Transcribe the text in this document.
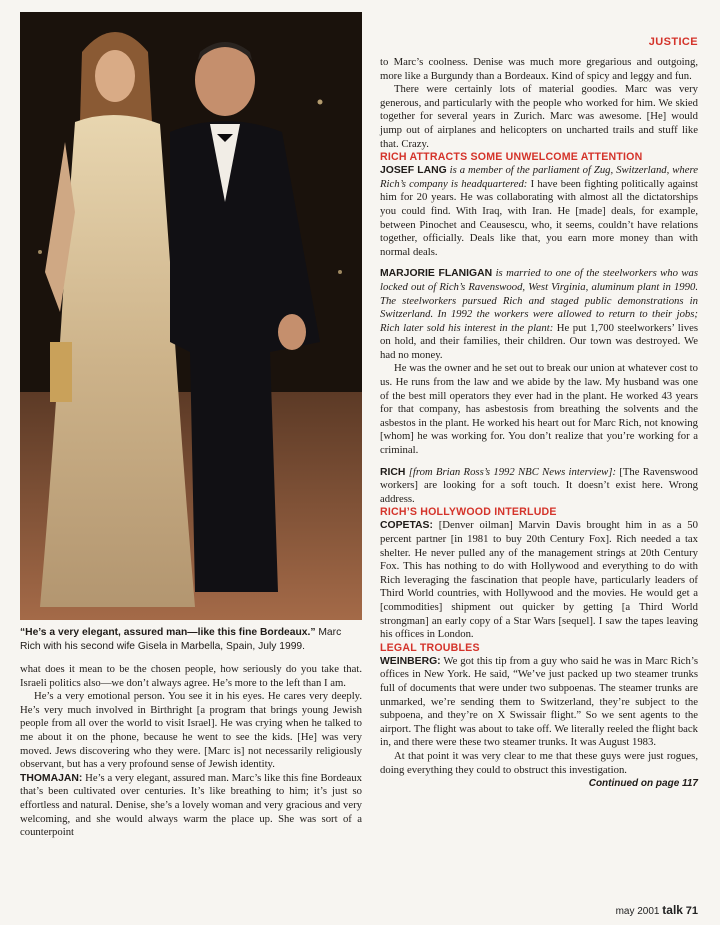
“He’s a very elegant, assured man—like this fine Bordeaux.” Marc Rich with his second wife Gisela in Marbella, Spain, July 1999.
JUSTICE

what does it mean to be the chosen people, how seriously do you take that. Israeli politics also—we don’t always agree. He’s more to the left than I am.

He’s a very emotional person. You see it in his eyes. He cares very deeply. He’s very much involved in Birthright [a program that brings young Jewish people from all over the world to visit Israel]. He was crying when he talked to me about it on the phone, because he went to see the kids. [He] was very moved. Jews discovering who they were. [Marc is] not necessarily religiously observant, but has a very profound sense of Jewish identity.

THOMAJAN: He’s a very elegant, assured man. Marc’s like this fine Bordeaux that’s been cultivated over centuries. It’s like breathing to him; it’s just so effortless and natural. Denise, she’s a lovely woman and very gracious and very welcoming, and she would always warm the place up. She was sort of a counterpoint

to Marc’s coolness. Denise was much more gregarious and outgoing, more like a Burgundy than a Bordeaux. Kind of spicy and leggy and fun.

There were certainly lots of material goodies. Marc was very generous, and particularly with the people who worked for him. We skied together for several years in Zurich. Marc was awesome. [He] would jump out of airplanes and helicopters on uncharted trails and stuff like that. Crazy.

RICH ATTRACTS SOME UNWELCOME ATTENTION

JOSEF LANG is a member of the parliament of Zug, Switzerland, where Rich’s company is headquartered: I have been fighting politically against him for 20 years. He was collaborating with almost all the dictatorships you could find. With Iraq, with Iran. He [made] deals, for example, between Pinochet and Ceausescu, who, it seems, couldn’t have relations together, officially. Deals like that, you earn more money than with normal deals.

MARJORIE FLANIGAN is married to one of the steelworkers who was locked out of Rich’s Ravenswood, West Virginia, aluminum plant in 1990. The steelworkers pursued Rich and staged public demonstrations in Switzerland. In 1992 the workers were allowed to return to their jobs; Rich later sold his interest in the plant: He put 1,700 steelworkers’ lives on hold, and their families, their children. Our town was destroyed. We had no money.

He was the owner and he set out to break our union at whatever cost to us. He runs from the law and we abide by the law. My husband was one of the best mill operators they ever had in the plant. He worked 43 years for that company, has asbestosis from breathing the solvents and the asbestos in the plant. He worked his heart out for Marc Rich, not knowing [whom] he was working for. You don’t realize that you’re working for a criminal.

RICH [from Brian Ross’s 1992 NBC News interview]: [The Ravenswood workers] are looking for a soft touch. It doesn’t exist here. Wrong address.

RICH’S HOLLYWOOD INTERLUDE

COPETAS: [Denver oilman] Marvin Davis brought him in as a 50 percent partner [in 1981 to buy 20th Century Fox]. Rich needed a tax shelter. He never pulled any of the management strings at 20th Century Fox. This has nothing to do with Hollywood and everything to do with Rich leveraging the fascination that people have, particularly leaders of Third World countries, with Hollywood and the movies. He would get a [commodities] shipment out quicker by getting [a Third World strongman] an early copy of a Star Wars [sequel]. I saw the tapes leaving his offices in London.

LEGAL TROUBLES

WEINBERG: We got this tip from a guy who said he was in Marc Rich’s offices in New York. He said, “We’ve just packed up two steamer trunks full of documents that were under two subpoenas. The steamer trunks are unmarked, we’re sending them to Switzerland, they’re subject to the subpoena, and they’re on X Swissair flight.” So we sent agents to the airport. The flight was about to take off. We literally reeled the flight back in, and there were these two steamer trunks. It was August 1983.

At that point it was very clear to me that these guys were just rogues, doing everything they could to obstruct this investigation.

Continued on page 117

may 2001 talk 71
